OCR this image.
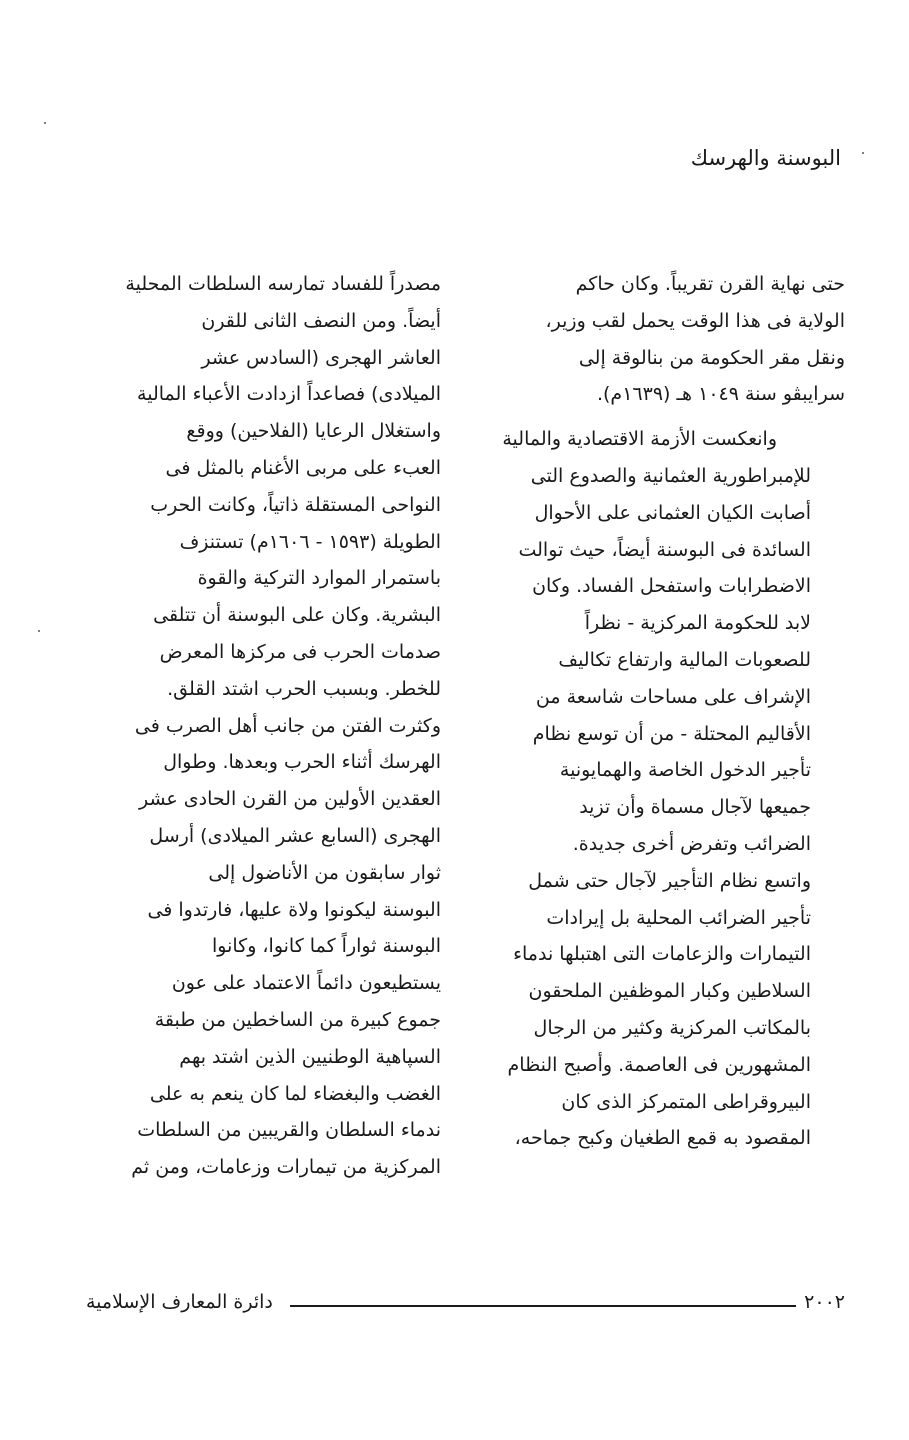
البوسنة والهرسك

حتى نهاية القرن تقريباً. وكان حاكم
الولاية فى هذا الوقت يحمل لقب وزير،
ونقل مقر الحكومة من بنالوقة إلى
سرايبڤو سنة ١٠٤٩ هـ (١٦٣٩م).

وانعكست الأزمة الاقتصادية والمالية
للإمبراطورية العثمانية والصدوع التى
أصابت الكيان العثمانى على الأحوال
السائدة فى البوسنة أيضاً، حيث توالت
الاضطرابات واستفحل الفساد. وكان
لابد للحكومة المركزية - نظراً
للصعوبات المالية وارتفاع تكاليف
الإشراف على مساحات شاسعة من
الأقاليم المحتلة - من أن توسع نظام
تأجير الدخول الخاصة والهمايونية
جميعها لآجال مسماة وأن تزيد
الضرائب وتفرض أخرى جديدة.
واتسع نظام التأجير لآجال حتى شمل
تأجير الضرائب المحلية بل إيرادات
التيمارات والزعامات التى اهتبلها ندماء
السلاطين وكبار الموظفين الملحقون
بالمكاتب المركزية وكثير من الرجال
المشهورين فى العاصمة. وأصبح النظام
البيروقراطى المتمركز الذى كان
المقصود به قمع الطغيان وكبح جماحه،

مصدراً للفساد تمارسه السلطات المحلية
أيضاً. ومن النصف الثانى للقرن
العاشر الهجرى (السادس عشر
الميلادى) فصاعداً ازدادت الأعباء المالية
واستغلال الرعايا (الفلاحين) ووقع
العبء على مربى الأغنام بالمثل فى
النواحى المستقلة ذاتياً، وكانت الحرب
الطويلة (١٥٩٣ - ١٦٠٦م) تستنزف
باستمرار الموارد التركية والقوة
البشرية. وكان على البوسنة أن تتلقى
صدمات الحرب فى مركزها المعرض
للخطر. وبسبب الحرب اشتد القلق.
وكثرت الفتن من جانب أهل الصرب فى
الهرسك أثناء الحرب وبعدها. وطوال
العقدين الأولين من القرن الحادى عشر
الهجرى (السابع عشر الميلادى) أرسل
ثوار سابقون من الأناضول إلى
البوسنة ليكونوا ولاة عليها، فارتدوا فى
البوسنة ثواراً كما كانوا، وكانوا
يستطيعون دائماً الاعتماد على عون
جموع كبيرة من الساخطين من طبقة
السپاهية الوطنيين الذين اشتد بهم
الغضب والبغضاء لما كان ينعم به على
ندماء السلطان والقريبين من السلطات
المركزية من تيمارات وزعامات، ومن ثم

٢٠٠٢
دائرة المعارف الإسلامية
